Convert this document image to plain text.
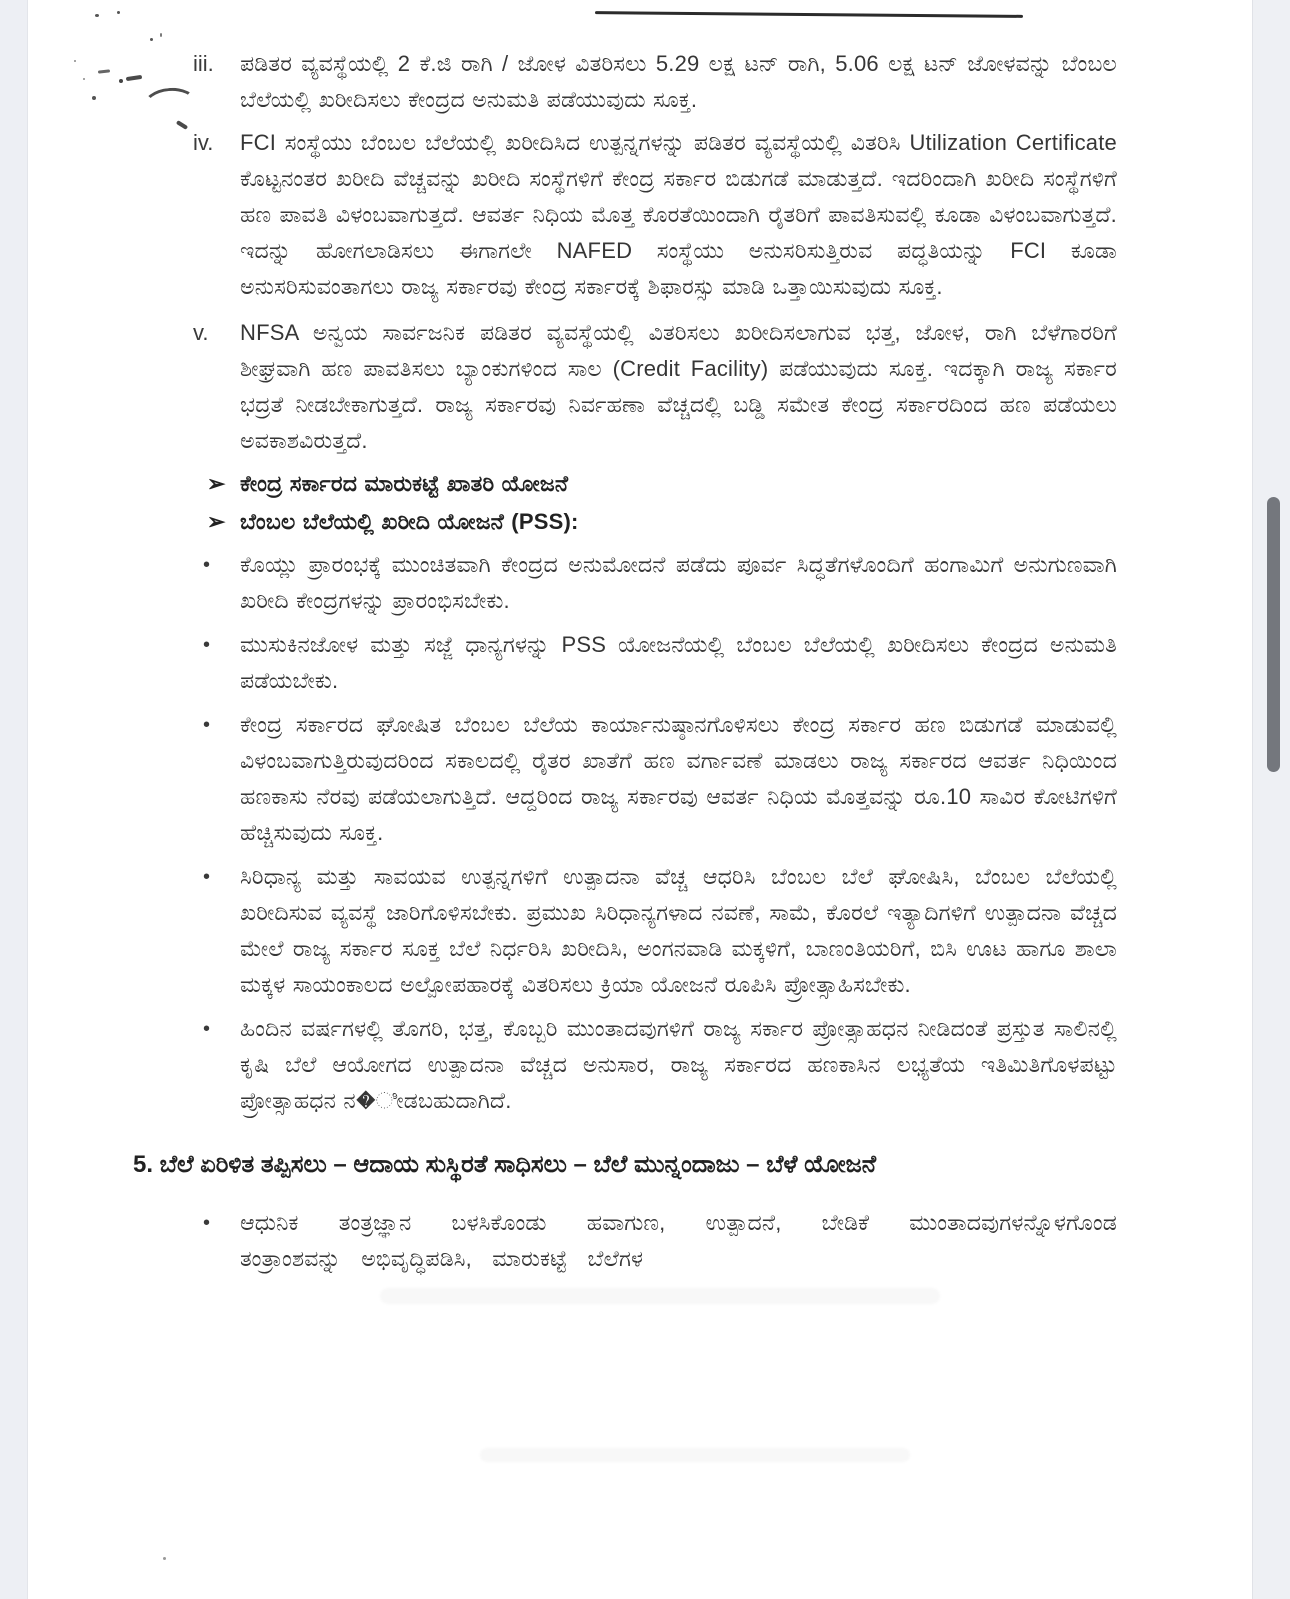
iii.	ಪಡಿತರ ವ್ಯವಸ್ಥೆಯಲ್ಲಿ 2 ಕೆ.ಜಿ ರಾಗಿ / ಜೋಳ ವಿತರಿಸಲು 5.29 ಲಕ್ಷ ಟನ್ ರಾಗಿ, 5.06 ಲಕ್ಷ ಟನ್ ಜೋಳವನ್ನು ಬೆಂಬಲ ಬೆಲೆಯಲ್ಲಿ ಖರೀದಿಸಲು ಕೇಂದ್ರದ ಅನುಮತಿ ಪಡೆಯುವುದು ಸೂಕ್ತ.
iv.	FCI ಸಂಸ್ಥೆಯು ಬೆಂಬಲ ಬೆಲೆಯಲ್ಲಿ ಖರೀದಿಸಿದ ಉತ್ಪನ್ನಗಳನ್ನು ಪಡಿತರ ವ್ಯವಸ್ಥೆಯಲ್ಲಿ ವಿತರಿಸಿ Utilization Certificate ಕೊಟ್ಟನಂತರ ಖರೀದಿ ವೆಚ್ಚವನ್ನು ಖರೀದಿ ಸಂಸ್ಥೆಗಳಿಗೆ ಕೇಂದ್ರ ಸರ್ಕಾರ ಬಿಡುಗಡೆ ಮಾಡುತ್ತದೆ. ಇದರಿಂದಾಗಿ ಖರೀದಿ ಸಂಸ್ಥೆಗಳಿಗೆ ಹಣ ಪಾವತಿ ವಿಳಂಬವಾಗುತ್ತದೆ. ಆವರ್ತ ನಿಧಿಯ ಮೊತ್ತ ಕೊರತೆಯಿಂದಾಗಿ ರೈತರಿಗೆ ಪಾವತಿಸುವಲ್ಲಿ ಕೂಡಾ ವಿಳಂಬವಾಗುತ್ತದೆ. ಇದನ್ನು ಹೋಗಲಾಡಿಸಲು ಈಗಾಗಲೇ NAFED ಸಂಸ್ಥೆಯು ಅನುಸರಿಸುತ್ತಿರುವ ಪದ್ಧತಿಯನ್ನು FCI ಕೂಡಾ ಅನುಸರಿಸುವಂತಾಗಲು ರಾಜ್ಯ ಸರ್ಕಾರವು ಕೇಂದ್ರ ಸರ್ಕಾರಕ್ಕೆ ಶಿಫಾರಸ್ಸು ಮಾಡಿ ಒತ್ತಾಯಿಸುವುದು ಸೂಕ್ತ.
v.	NFSA ಅನ್ವಯ ಸಾರ್ವಜನಿಕ ಪಡಿತರ ವ್ಯವಸ್ಥೆಯಲ್ಲಿ ವಿತರಿಸಲು ಖರೀದಿಸಲಾಗುವ ಭತ್ತ, ಜೋಳ, ರಾಗಿ ಬೆಳೆಗಾರರಿಗೆ ಶೀಘ್ರವಾಗಿ ಹಣ ಪಾವತಿಸಲು ಬ್ಯಾಂಕುಗಳಿಂದ ಸಾಲ (Credit Facility) ಪಡೆಯುವುದು ಸೂಕ್ತ. ಇದಕ್ಕಾಗಿ ರಾಜ್ಯ ಸರ್ಕಾರ ಭದ್ರತೆ ನೀಡಬೇಕಾಗುತ್ತದೆ. ರಾಜ್ಯ ಸರ್ಕಾರವು ನಿರ್ವಹಣಾ ವೆಚ್ಚದಲ್ಲಿ ಬಡ್ಡಿ ಸಮೇತ ಕೇಂದ್ರ ಸರ್ಕಾರದಿಂದ ಹಣ ಪಡೆಯಲು ಅವಕಾಶವಿರುತ್ತದೆ.
➢ ಕೇಂದ್ರ ಸರ್ಕಾರದ ಮಾರುಕಟ್ಟೆ ಖಾತರಿ ಯೋಜನೆ
➢ ಬೆಂಬಲ ಬೆಲೆಯಲ್ಲಿ ಖರೀದಿ ಯೋಜನೆ (PSS):
•	ಕೊಯ್ಲು ಪ್ರಾರಂಭಕ್ಕೆ ಮುಂಚಿತವಾಗಿ ಕೇಂದ್ರದ ಅನುಮೋದನೆ ಪಡೆದು ಪೂರ್ವ ಸಿದ್ಧತೆಗಳೊಂದಿಗೆ ಹಂಗಾಮಿಗೆ ಅನುಗುಣವಾಗಿ ಖರೀದಿ ಕೇಂದ್ರಗಳನ್ನು ಪ್ರಾರಂಭಿಸಬೇಕು.
•	ಮುಸುಕಿನಜೋಳ ಮತ್ತು ಸಜ್ಜೆ ಧಾನ್ಯಗಳನ್ನು PSS ಯೋಜನೆಯಲ್ಲಿ ಬೆಂಬಲ ಬೆಲೆಯಲ್ಲಿ ಖರೀದಿಸಲು ಕೇಂದ್ರದ ಅನುಮತಿ ಪಡೆಯಬೇಕು.
•	ಕೇಂದ್ರ ಸರ್ಕಾರದ ಘೋಷಿತ ಬೆಂಬಲ ಬೆಲೆಯ ಕಾರ್ಯಾನುಷ್ಠಾನಗೊಳಿಸಲು ಕೇಂದ್ರ ಸರ್ಕಾರ ಹಣ ಬಿಡುಗಡೆ ಮಾಡುವಲ್ಲಿ ವಿಳಂಬವಾಗುತ್ತಿರುವುದರಿಂದ ಸಕಾಲದಲ್ಲಿ ರೈತರ ಖಾತೆಗೆ ಹಣ ವರ್ಗಾವಣೆ ಮಾಡಲು ರಾಜ್ಯ ಸರ್ಕಾರದ ಆವರ್ತ ನಿಧಿಯಿಂದ ಹಣಕಾಸು ನೆರವು ಪಡೆಯಲಾಗುತ್ತಿದೆ. ಆದ್ದರಿಂದ ರಾಜ್ಯ ಸರ್ಕಾರವು ಆವರ್ತ ನಿಧಿಯ ಮೊತ್ತವನ್ನು ರೂ.10 ಸಾವಿರ ಕೋಟಿಗಳಿಗೆ ಹೆಚ್ಚಿಸುವುದು ಸೂಕ್ತ.
•	ಸಿರಿಧಾನ್ಯ ಮತ್ತು ಸಾವಯವ ಉತ್ಪನ್ನಗಳಿಗೆ ಉತ್ಪಾದನಾ ವೆಚ್ಚ ಆಧರಿಸಿ ಬೆಂಬಲ ಬೆಲೆ ಘೋಷಿಸಿ, ಬೆಂಬಲ ಬೆಲೆಯಲ್ಲಿ ಖರೀದಿಸುವ ವ್ಯವಸ್ಥೆ ಜಾರಿಗೊಳಿಸಬೇಕು. ಪ್ರಮುಖ ಸಿರಿಧಾನ್ಯಗಳಾದ ನವಣೆ, ಸಾಮೆ, ಕೊರಲೆ ಇತ್ಯಾದಿಗಳಿಗೆ ಉತ್ಪಾದನಾ ವೆಚ್ಚದ ಮೇಲೆ ರಾಜ್ಯ ಸರ್ಕಾರ ಸೂಕ್ತ ಬೆಲೆ ನಿರ್ಧರಿಸಿ ಖರೀದಿಸಿ, ಅಂಗನವಾಡಿ ಮಕ್ಕಳಿಗೆ, ಬಾಣಂತಿಯರಿಗೆ, ಬಿಸಿ ಊಟ ಹಾಗೂ ಶಾಲಾ ಮಕ್ಕಳ ಸಾಯಂಕಾಲದ ಅಲ್ಪೋಪಹಾರಕ್ಕೆ ವಿತರಿಸಲು ಕ್ರಿಯಾ ಯೋಜನೆ ರೂಪಿಸಿ ಪ್ರೋತ್ಸಾಹಿಸಬೇಕು.
•	ಹಿಂದಿನ ವರ್ಷಗಳಲ್ಲಿ ತೊಗರಿ, ಭತ್ತ, ಕೊಬ್ಬರಿ ಮುಂತಾದವುಗಳಿಗೆ ರಾಜ್ಯ ಸರ್ಕಾರ ಪ್ರೋತ್ಸಾಹಧನ ನೀಡಿದಂತೆ ಪ್ರಸ್ತುತ ಸಾಲಿನಲ್ಲಿ ಕೃಷಿ ಬೆಲೆ ಆಯೋಗದ ಉತ್ಪಾದನಾ ವೆಚ್ಚದ ಅನುಸಾರ, ರಾಜ್ಯ ಸರ್ಕಾರದ ಹಣಕಾಸಿನ ಲಭ್ಯತೆಯ ಇತಿಮಿತಿಗೊಳಪಟ್ಟು ಪ್ರೋತ್ಸಾಹಧನ ನ�ೀಡಬಹುದಾಗಿದೆ.
5. ಬೆಲೆ ಏರಿಳಿತ ತಪ್ಪಿಸಲು – ಆದಾಯ ಸುಸ್ಥಿರತೆ ಸಾಧಿಸಲು – ಬೆಲೆ ಮುನ್ನಂದಾಜು – ಬೆಳೆ ಯೋಜನೆ
•	ಆಧುನಿಕ ತಂತ್ರಜ್ಞಾನ ಬಳಸಿಕೊಂಡು ಹವಾಗುಣ, ಉತ್ಪಾದನೆ, ಬೇಡಿಕೆ ಮುಂತಾದವುಗಳನ್ನೊಳಗೊಂಡ ತಂತ್ರಾಂಶವನ್ನು ಅಭಿವೃದ್ಧಿಪಡಿಸಿ, ಮಾರುಕಟ್ಟೆ ಬೆಲೆಗಳ
